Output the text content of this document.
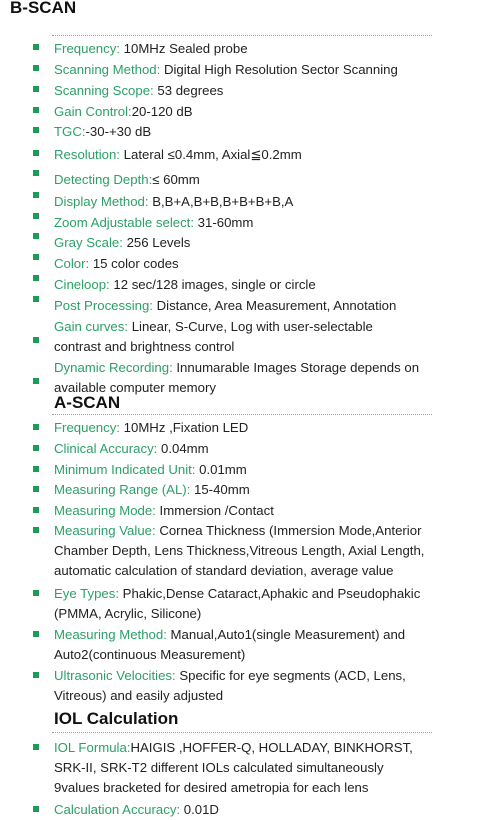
B-SCAN
Frequency: 10MHz Sealed probe
Scanning Method: Digital High Resolution Sector Scanning
Scanning Scope: 53 degrees
Gain Control:20-120 dB
TGC:-30-+30 dB
Resolution: Lateral ≤0.4mm, Axial≦0.2mm
Detecting Depth:≤ 60mm
Display Method: B,B+A,B+B,B+B+B+B,A
Zoom Adjustable select: 31-60mm
Gray Scale: 256 Levels
Color: 15 color codes
Cineloop: 12 sec/128 images, single or circle
Post Processing: Distance, Area Measurement, Annotation
Gain curves: Linear, S-Curve, Log with user-selectable
contrast and brightness control
Dynamic Recording: Innumarable Images Storage depends on
available computer memory
A-SCAN
Frequency: 10MHz ,Fixation LED
Clinical Accuracy: 0.04mm
Minimum Indicated Unit: 0.01mm
Measuring Range (AL): 15-40mm
Measuring Mode: Immersion /Contact
Measuring Value: Cornea Thickness (Immersion Mode,Anterior
Chamber Depth, Lens Thickness,Vitreous Length, Axial Length,
automatic calculation of standard deviation, average value
Eye Types: Phakic,Dense Cataract,Aphakic and Pseudophakic
(PMMA, Acrylic, Silicone)
Measuring Method: Manual,Auto1(single Measurement) and
Auto2(continuous Measurement)
Ultrasonic Velocities: Specific for eye segments (ACD, Lens,
Vitreous) and easily adjusted
IOL Calculation
IOL Formula:HAIGIS ,HOFFER-Q, HOLLADAY, BINKHORST,
SRK-II, SRK-T2 different IOLs calculated simultaneously
9values bracketed for desired ametropia for each lens
Calculation Accuracy: 0.01D
